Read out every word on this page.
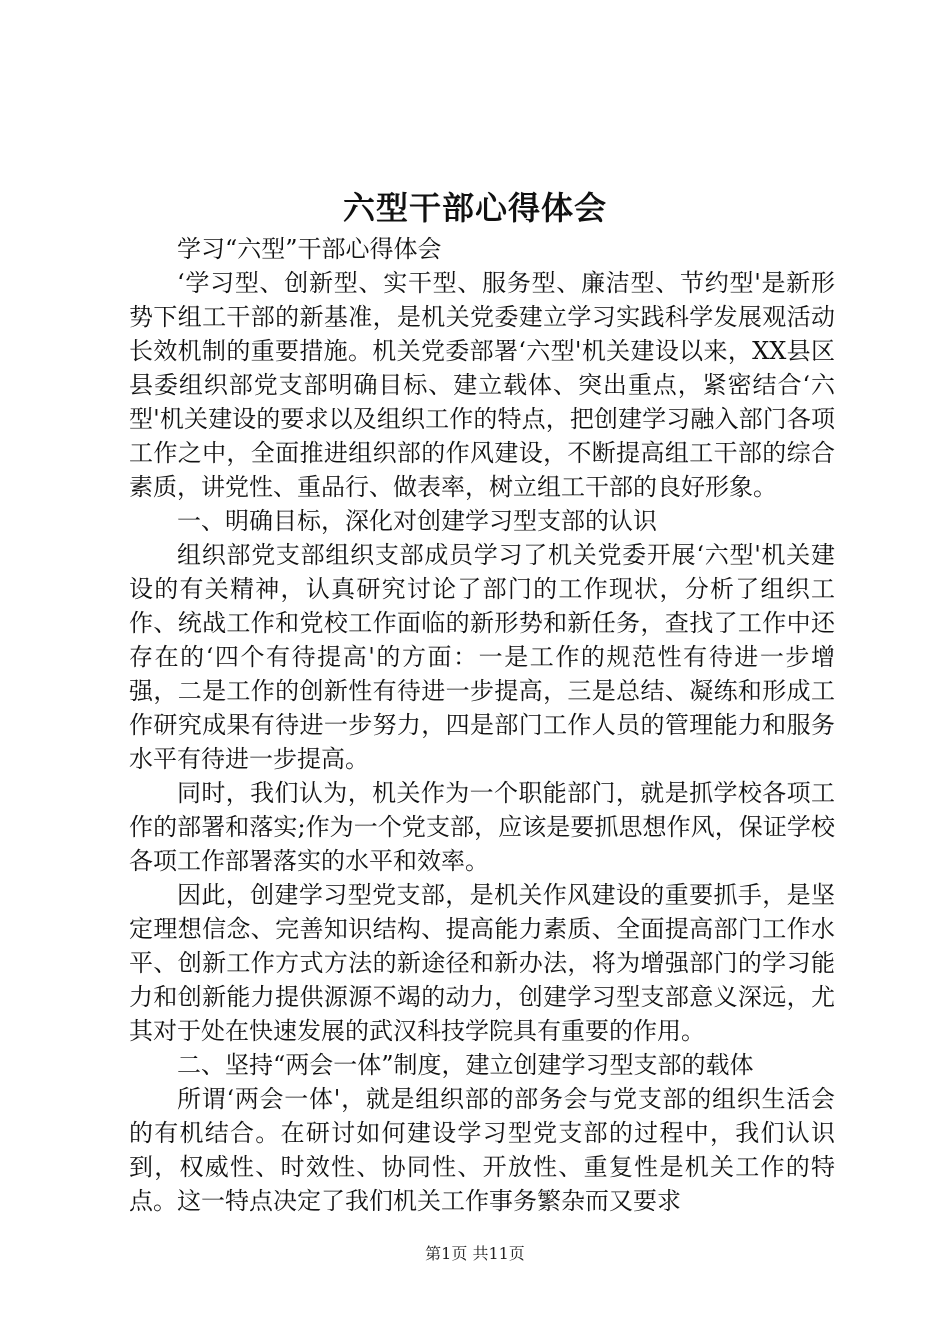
六型干部心得体会

学习“六型”干部心得体会

‘学习型、创新型、实干型、服务型、廉洁型、节约型'是新形势下组工干部的新基准，是机关党委建立学习实践科学发展观活动长效机制的重要措施。机关党委部署‘六型'机关建设以来，XX县区县委组织部党支部明确目标、建立载体、突出重点，紧密结合‘六型'机关建设的要求以及组织工作的特点，把创建学习融入部门各项工作之中，全面推进组织部的作风建设，不断提高组工干部的综合素质，讲党性、重品行、做表率，树立组工干部的良好形象。

一、明确目标，深化对创建学习型支部的认识

组织部党支部组织支部成员学习了机关党委开展‘六型'机关建设的有关精神，认真研究讨论了部门的工作现状，分析了组织工作、统战工作和党校工作面临的新形势和新任务，查找了工作中还存在的‘四个有待提高'的方面：一是工作的规范性有待进一步增强，二是工作的创新性有待进一步提高，三是总结、凝练和形成工作研究成果有待进一步努力，四是部门工作人员的管理能力和服务水平有待进一步提高。

同时，我们认为，机关作为一个职能部门，就是抓学校各项工作的部署和落实;作为一个党支部，应该是要抓思想作风，保证学校各项工作部署落实的水平和效率。

因此，创建学习型党支部，是机关作风建设的重要抓手，是坚定理想信念、完善知识结构、提高能力素质、全面提高部门工作水平、创新工作方式方法的新途径和新办法，将为增强部门的学习能力和创新能力提供源源不竭的动力，创建学习型支部意义深远，尤其对于处在快速发展的武汉科技学院具有重要的作用。

二、坚持“两会一体”制度，建立创建学习型支部的载体

所谓‘两会一体'，就是组织部的部务会与党支部的组织生活会的有机结合。在研讨如何建设学习型党支部的过程中，我们认识到，权威性、时效性、协同性、开放性、重复性是机关工作的特点。这一特点决定了我们机关工作事务繁杂而又要求

第1页 共11页
